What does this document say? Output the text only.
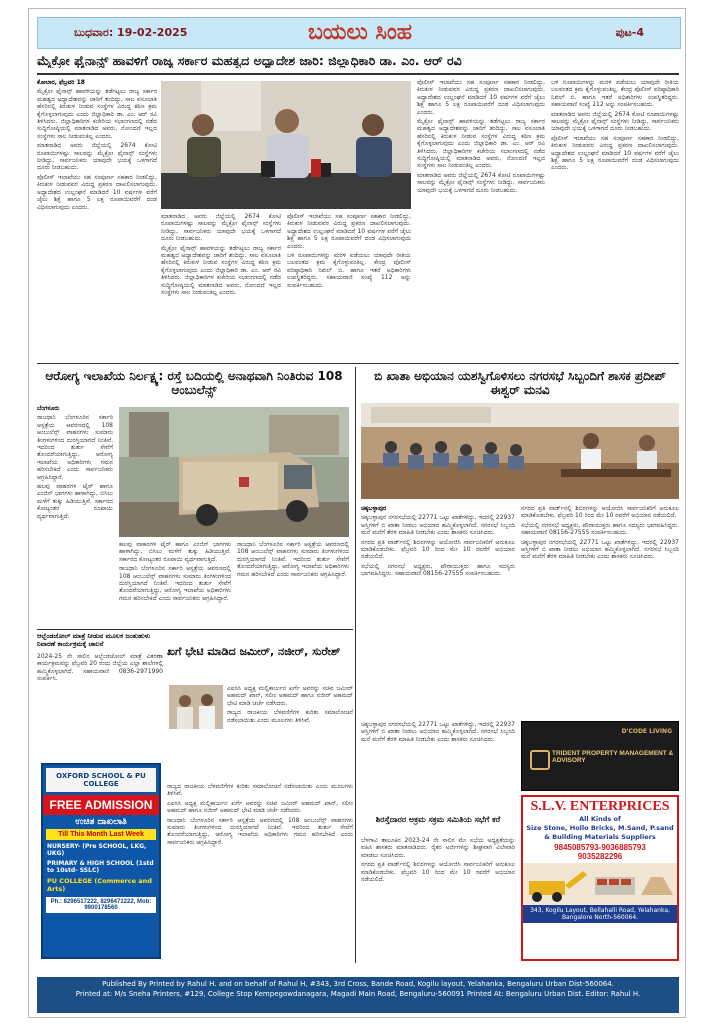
ಬುಧವಾರ: 19-02-2025	ಬಯಲು ಸಿಂಹ	ಪುಟ-4
ಮೈಕ್ರೋ ಫೈನಾನ್ಸ್ ಹಾವಳಿಗೆ ರಾಜ್ಯ ಸರ್ಕಾರ ಮಹತ್ವದ ಅಧ್ಯಾದೇಶ ಜಾರಿ: ಜಿಲ್ಲಾಧಿಕಾರಿ ಡಾ. ಎಂ. ಆರ್ ರವಿ

ಕೋಲಾರ, ಫೆಬ್ರವರಿ 18

ಮೈಕ್ರೋ ಫೈನಾನ್ಸ್ ಹಾವಳಿಯನ್ನು ತಡೆಗಟ್ಟಲು ರಾಜ್ಯ ಸರ್ಕಾರ ಮಹತ್ವದ ಅಧ್ಯಾದೇಶವನ್ನು ಜಾರಿಗೆ ತಂದಿದ್ದು, ಸಾಲ ವಸೂಲಾತಿ ಹೆಸರಿನಲ್ಲಿ ಕಿರುಕುಳ ನೀಡುವ ಸಂಸ್ಥೆಗಳ ವಿರುದ್ಧ ಕಠಿಣ ಕ್ರಮ ಕೈಗೊಳ್ಳಲಾಗುವುದು ಎಂದು ಜಿಲ್ಲಾಧಿಕಾರಿ ಡಾ. ಎಂ. ಆರ್ ರವಿ ತಿಳಿಸಿದರು. ಜಿಲ್ಲಾಧಿಕಾರಿಗಳ ಕಚೇರಿಯ ಸಭಾಂಗಣದಲ್ಲಿ ನಡೆದ ಸುದ್ದಿಗೋಷ್ಠಿಯಲ್ಲಿ ಮಾತನಾಡಿದ ಅವರು, ನೋಂದಣಿ ಇಲ್ಲದ ಸಂಸ್ಥೆಗಳು ಸಾಲ ನೀಡುವಂತಿಲ್ಲ ಎಂದರು.

ಮಾತನಾಡಿದ ಅವರು ಜಿಲ್ಲೆಯಲ್ಲಿ 2674 ಕೋಟಿ ರೂಪಾಯಿಗಳಷ್ಟು ಸಾಲವನ್ನು ಮೈಕ್ರೋ ಫೈನಾನ್ಸ್ ಸಂಸ್ಥೆಗಳು ನೀಡಿದ್ದು, ಸಾರ್ವಜನಿಕರು ಯಾವುದೇ ಭಯಕ್ಕೆ ಒಳಗಾಗದೆ ದೂರು ನೀಡಬಹುದು.

ಪೊಲೀಸ್ ಇಲಾಖೆಯು ಸಹ ಸಂಪೂರ್ಣ ಸಹಕಾರ ನೀಡಲಿದ್ದು, ಕಿರುಕುಳ ನೀಡುವವರ ವಿರುದ್ಧ ಪ್ರಕರಣ ದಾಖಲಿಸಲಾಗುವುದು. ಅಧ್ಯಾದೇಶದ ಉಲ್ಲಂಘನೆ ಮಾಡಿದರೆ 10 ವರ್ಷಗಳ ವರೆಗೆ ಜೈಲು ಶಿಕ್ಷೆ ಹಾಗೂ 5 ಲಕ್ಷ ರೂಪಾಯಿವರೆಗೆ ದಂಡ ವಿಧಿಸಲಾಗುವುದು ಎಂದರು.

ಮಾತನಾಡಿದ ಅವರು ಜಿಲ್ಲೆಯಲ್ಲಿ 2674 ಕೋಟಿ ರೂಪಾಯಿಗಳಷ್ಟು ಸಾಲವನ್ನು ಮೈಕ್ರೋ ಫೈನಾನ್ಸ್ ಸಂಸ್ಥೆಗಳು ನೀಡಿದ್ದು, ಸಾರ್ವಜನಿಕರು ಯಾವುದೇ ಭಯಕ್ಕೆ ಒಳಗಾಗದೆ ದೂರು ನೀಡಬಹುದು.

ಮೈಕ್ರೋ ಫೈನಾನ್ಸ್ ಹಾವಳಿಯನ್ನು ತಡೆಗಟ್ಟಲು ರಾಜ್ಯ ಸರ್ಕಾರ ಮಹತ್ವದ ಅಧ್ಯಾದೇಶವನ್ನು ಜಾರಿಗೆ ತಂದಿದ್ದು, ಸಾಲ ವಸೂಲಾತಿ ಹೆಸರಿನಲ್ಲಿ ಕಿರುಕುಳ ನೀಡುವ ಸಂಸ್ಥೆಗಳ ವಿರುದ್ಧ ಕಠಿಣ ಕ್ರಮ ಕೈಗೊಳ್ಳಲಾಗುವುದು ಎಂದು ಜಿಲ್ಲಾಧಿಕಾರಿ ಡಾ. ಎಂ. ಆರ್ ರವಿ ತಿಳಿಸಿದರು. ಜಿಲ್ಲಾಧಿಕಾರಿಗಳ ಕಚೇರಿಯ ಸಭಾಂಗಣದಲ್ಲಿ ನಡೆದ ಸುದ್ದಿಗೋಷ್ಠಿಯಲ್ಲಿ ಮಾತನಾಡಿದ ಅವರು, ನೋಂದಣಿ ಇಲ್ಲದ ಸಂಸ್ಥೆಗಳು ಸಾಲ ನೀಡುವಂತಿಲ್ಲ ಎಂದರು.

ಪೊಲೀಸ್ ಇಲಾಖೆಯು ಸಹ ಸಂಪೂರ್ಣ ಸಹಕಾರ ನೀಡಲಿದ್ದು, ಕಿರುಕುಳ ನೀಡುವವರ ವಿರುದ್ಧ ಪ್ರಕರಣ ದಾಖಲಿಸಲಾಗುವುದು. ಅಧ್ಯಾದೇಶದ ಉಲ್ಲಂಘನೆ ಮಾಡಿದರೆ 10 ವರ್ಷಗಳ ವರೆಗೆ ಜೈಲು ಶಿಕ್ಷೆ ಹಾಗೂ 5 ಲಕ್ಷ ರೂಪಾಯಿವರೆಗೆ ದಂಡ ವಿಧಿಸಲಾಗುವುದು ಎಂದರು.

ಬಳಿ ರೂಪಾಯಿಗಳನ್ನು ಮರಳಿ ಪಡೆಯಲು ಯಾವುದೇ ರೀತಿಯ ಬಲವಂತದ ಕ್ರಮ ಕೈಗೊಳ್ಳುವಂತಿಲ್ಲ. ಕೇಂದ್ರ ಪೊಲೀಸ್ ವರಿಷ್ಠಾಧಿಕಾರಿ ನಿಖಿಲ್ ಬಿ. ಹಾಗೂ ಇತರೆ ಅಧಿಕಾರಿಗಳು ಉಪಸ್ಥಿತರಿದ್ದರು. ಸಹಾಯವಾಣಿ ಸಂಖ್ಯೆ 112 ಅನ್ನು ಸಂಪರ್ಕಿಸಬಹುದು.

ಪೊಲೀಸ್ ಇಲಾಖೆಯು ಸಹ ಸಂಪೂರ್ಣ ಸಹಕಾರ ನೀಡಲಿದ್ದು, ಕಿರುಕುಳ ನೀಡುವವರ ವಿರುದ್ಧ ಪ್ರಕರಣ ದಾಖಲಿಸಲಾಗುವುದು. ಅಧ್ಯಾದೇಶದ ಉಲ್ಲಂಘನೆ ಮಾಡಿದರೆ 10 ವರ್ಷಗಳ ವರೆಗೆ ಜೈಲು ಶಿಕ್ಷೆ ಹಾಗೂ 5 ಲಕ್ಷ ರೂಪಾಯಿವರೆಗೆ ದಂಡ ವಿಧಿಸಲಾಗುವುದು ಎಂದರು.

ಮೈಕ್ರೋ ಫೈನಾನ್ಸ್ ಹಾವಳಿಯನ್ನು ತಡೆಗಟ್ಟಲು ರಾಜ್ಯ ಸರ್ಕಾರ ಮಹತ್ವದ ಅಧ್ಯಾದೇಶವನ್ನು ಜಾರಿಗೆ ತಂದಿದ್ದು, ಸಾಲ ವಸೂಲಾತಿ ಹೆಸರಿನಲ್ಲಿ ಕಿರುಕುಳ ನೀಡುವ ಸಂಸ್ಥೆಗಳ ವಿರುದ್ಧ ಕಠಿಣ ಕ್ರಮ ಕೈಗೊಳ್ಳಲಾಗುವುದು ಎಂದು ಜಿಲ್ಲಾಧಿಕಾರಿ ಡಾ. ಎಂ. ಆರ್ ರವಿ ತಿಳಿಸಿದರು. ಜಿಲ್ಲಾಧಿಕಾರಿಗಳ ಕಚೇರಿಯ ಸಭಾಂಗಣದಲ್ಲಿ ನಡೆದ ಸುದ್ದಿಗೋಷ್ಠಿಯಲ್ಲಿ ಮಾತನಾಡಿದ ಅವರು, ನೋಂದಣಿ ಇಲ್ಲದ ಸಂಸ್ಥೆಗಳು ಸಾಲ ನೀಡುವಂತಿಲ್ಲ ಎಂದರು.

ಮಾತನಾಡಿದ ಅವರು ಜಿಲ್ಲೆಯಲ್ಲಿ 2674 ಕೋಟಿ ರೂಪಾಯಿಗಳಷ್ಟು ಸಾಲವನ್ನು ಮೈಕ್ರೋ ಫೈನಾನ್ಸ್ ಸಂಸ್ಥೆಗಳು ನೀಡಿದ್ದು, ಸಾರ್ವಜನಿಕರು ಯಾವುದೇ ಭಯಕ್ಕೆ ಒಳಗಾಗದೆ ದೂರು ನೀಡಬಹುದು.

ಬಳಿ ರೂಪಾಯಿಗಳನ್ನು ಮರಳಿ ಪಡೆಯಲು ಯಾವುದೇ ರೀತಿಯ ಬಲವಂತದ ಕ್ರಮ ಕೈಗೊಳ್ಳುವಂತಿಲ್ಲ. ಕೇಂದ್ರ ಪೊಲೀಸ್ ವರಿಷ್ಠಾಧಿಕಾರಿ ನಿಖಿಲ್ ಬಿ. ಹಾಗೂ ಇತರೆ ಅಧಿಕಾರಿಗಳು ಉಪಸ್ಥಿತರಿದ್ದರು. ಸಹಾಯವಾಣಿ ಸಂಖ್ಯೆ 112 ಅನ್ನು ಸಂಪರ್ಕಿಸಬಹುದು.

ಮಾತನಾಡಿದ ಅವರು ಜಿಲ್ಲೆಯಲ್ಲಿ 2674 ಕೋಟಿ ರೂಪಾಯಿಗಳಷ್ಟು ಸಾಲವನ್ನು ಮೈಕ್ರೋ ಫೈನಾನ್ಸ್ ಸಂಸ್ಥೆಗಳು ನೀಡಿದ್ದು, ಸಾರ್ವಜನಿಕರು ಯಾವುದೇ ಭಯಕ್ಕೆ ಒಳಗಾಗದೆ ದೂರು ನೀಡಬಹುದು.

ಪೊಲೀಸ್ ಇಲಾಖೆಯು ಸಹ ಸಂಪೂರ್ಣ ಸಹಕಾರ ನೀಡಲಿದ್ದು, ಕಿರುಕುಳ ನೀಡುವವರ ವಿರುದ್ಧ ಪ್ರಕರಣ ದಾಖಲಿಸಲಾಗುವುದು. ಅಧ್ಯಾದೇಶದ ಉಲ್ಲಂಘನೆ ಮಾಡಿದರೆ 10 ವರ್ಷಗಳ ವರೆಗೆ ಜೈಲು ಶಿಕ್ಷೆ ಹಾಗೂ 5 ಲಕ್ಷ ರೂಪಾಯಿವರೆಗೆ ದಂಡ ವಿಧಿಸಲಾಗುವುದು ಎಂದರು.

ಆರೋಗ್ಯ ಇಲಾಖೆಯ ನಿರ್ಲಕ್ಷ್ಯ: ರಸ್ತೆ ಬದಿಯಲ್ಲಿ ಅನಾಥವಾಗಿ ನಿಂತಿರುವ 108 ಆಂಬುಲೆನ್ಸ್
ಬಿ ಖಾತಾ ಅಭಿಯಾನ ಯಶಸ್ವಿಗೊಳಿಸಲು ನಗರಸಭೆ ಸಿಬ್ಬಂದಿಗೆ ಶಾಸಕ ಪ್ರದೀಪ್ ಈಶ್ವರ್ ಮನವಿ

ಬೆಂಗಳೂರು

ರಾಜಧಾನಿ ಬೆಂಗಳೂರಿನ ಸರ್ಕಾರಿ ಆಸ್ಪತ್ರೆಯ ಆವರಣದಲ್ಲಿ 108 ಆಂಬುಲೆನ್ಸ್ ವಾಹನಗಳು ಸುಮಾರು ತಿಂಗಳುಗಳಿಂದ ದುರಸ್ತಿಯಾಗದೆ ನಿಂತಿವೆ. ಇದರಿಂದ ತುರ್ತು ಸೇವೆಗೆ ತೊಂದರೆಯಾಗುತ್ತಿದ್ದು, ಆರೋಗ್ಯ ಇಲಾಖೆಯ ಅಧಿಕಾರಿಗಳು ಗಮನ ಹರಿಸಬೇಕಿದೆ ಎಂದು ಸಾರ್ವಜನಿಕರು ಆಗ್ರಹಿಸಿದ್ದಾರೆ.

ಹಲವು ವಾಹನಗಳ ಟೈರ್ ಹಾಗೂ ಎಂಜಿನ್ ಭಾಗಗಳು ಹಾಳಾಗಿದ್ದು, ಬಿಸಿಲು ಮಳೆಗೆ ತುಕ್ಕು ಹಿಡಿಯುತ್ತಿವೆ. ಸರ್ಕಾರದ ಕೋಟ್ಯಂತರ ರೂಪಾಯಿ ವ್ಯರ್ಥವಾಗುತ್ತಿದೆ.

ಹಲವು ವಾಹನಗಳ ಟೈರ್ ಹಾಗೂ ಎಂಜಿನ್ ಭಾಗಗಳು ಹಾಳಾಗಿದ್ದು, ಬಿಸಿಲು ಮಳೆಗೆ ತುಕ್ಕು ಹಿಡಿಯುತ್ತಿವೆ. ಸರ್ಕಾರದ ಕೋಟ್ಯಂತರ ರೂಪಾಯಿ ವ್ಯರ್ಥವಾಗುತ್ತಿದೆ.

ರಾಜಧಾನಿ ಬೆಂಗಳೂರಿನ ಸರ್ಕಾರಿ ಆಸ್ಪತ್ರೆಯ ಆವರಣದಲ್ಲಿ 108 ಆಂಬುಲೆನ್ಸ್ ವಾಹನಗಳು ಸುಮಾರು ತಿಂಗಳುಗಳಿಂದ ದುರಸ್ತಿಯಾಗದೆ ನಿಂತಿವೆ. ಇದರಿಂದ ತುರ್ತು ಸೇವೆಗೆ ತೊಂದರೆಯಾಗುತ್ತಿದ್ದು, ಆರೋಗ್ಯ ಇಲಾಖೆಯ ಅಧಿಕಾರಿಗಳು ಗಮನ ಹರಿಸಬೇಕಿದೆ ಎಂದು ಸಾರ್ವಜನಿಕರು ಆಗ್ರಹಿಸಿದ್ದಾರೆ.

ರಾಜಧಾನಿ ಬೆಂಗಳೂರಿನ ಸರ್ಕಾರಿ ಆಸ್ಪತ್ರೆಯ ಆವರಣದಲ್ಲಿ 108 ಆಂಬುಲೆನ್ಸ್ ವಾಹನಗಳು ಸುಮಾರು ತಿಂಗಳುಗಳಿಂದ ದುರಸ್ತಿಯಾಗದೆ ನಿಂತಿವೆ. ಇದರಿಂದ ತುರ್ತು ಸೇವೆಗೆ ತೊಂದರೆಯಾಗುತ್ತಿದ್ದು, ಆರೋಗ್ಯ ಇಲಾಖೆಯ ಅಧಿಕಾರಿಗಳು ಗಮನ ಹರಿಸಬೇಕಿದೆ ಎಂದು ಸಾರ್ವಜನಿಕರು ಆಗ್ರಹಿಸಿದ್ದಾರೆ.

ಆಲ್ಬೆಂಡಜೋಲ್ ಮಾತ್ರೆ ನೀಡುವ ಮೂಲಕ ಜಂತುಹುಳು ನಿವಾರಣೆ ಕಾರ್ಯಕ್ರಮಕ್ಕೆ ಚಾಲನೆ

2024-25 ನೇ ಸಾಲಿನ ಆಲ್ಬೆಂಡಜೋಲ್ ಮಾತ್ರೆ ವಿತರಣಾ ಕಾರ್ಯಕ್ರಮವನ್ನು ಫೆಬ್ರವರಿ 20 ರಂದು ಜಿಲ್ಲೆಯ ಎಲ್ಲಾ ಶಾಲೆಗಳಲ್ಲಿ ಹಮ್ಮಿಕೊಳ್ಳಲಾಗಿದೆ. ಸಹಾಯವಾಣಿ 0836-2971990 ಸಂಪರ್ಕಿಸಿ.

ಖಗೆ ಭೇಟಿ ಮಾಡಿದ ಜಮೀರ್, ನಜೀರ್, ಸುರೇಶ್

ಎಐಸಿಸಿ ಅಧ್ಯಕ್ಷ ಮಲ್ಲಿಕಾರ್ಜುನ ಖರ್ಗೆ ಅವರನ್ನು ಸಚಿವ ಜಮೀರ್ ಅಹಮದ್ ಖಾನ್, ಸಲೀಂ ಅಹಮದ್ ಹಾಗೂ ನಜೀರ್ ಅಹಮದ್ ಭೇಟಿ ಮಾಡಿ ಚರ್ಚೆ ನಡೆಸಿದರು.

ರಾಜ್ಯದ ರಾಜಕೀಯ ಬೆಳವಣಿಗೆಗಳ ಕುರಿತು ಸಮಾಲೋಚನೆ ನಡೆಸಲಾಯಿತು ಎಂದು ಮೂಲಗಳು ತಿಳಿಸಿವೆ.

ರಾಜ್ಯದ ರಾಜಕೀಯ ಬೆಳವಣಿಗೆಗಳ ಕುರಿತು ಸಮಾಲೋಚನೆ ನಡೆಸಲಾಯಿತು ಎಂದು ಮೂಲಗಳು ತಿಳಿಸಿವೆ.

ಎಐಸಿಸಿ ಅಧ್ಯಕ್ಷ ಮಲ್ಲಿಕಾರ್ಜುನ ಖರ್ಗೆ ಅವರನ್ನು ಸಚಿವ ಜಮೀರ್ ಅಹಮದ್ ಖಾನ್, ಸಲೀಂ ಅಹಮದ್ ಹಾಗೂ ನಜೀರ್ ಅಹಮದ್ ಭೇಟಿ ಮಾಡಿ ಚರ್ಚೆ ನಡೆಸಿದರು.

ರಾಜಧಾನಿ ಬೆಂಗಳೂರಿನ ಸರ್ಕಾರಿ ಆಸ್ಪತ್ರೆಯ ಆವರಣದಲ್ಲಿ 108 ಆಂಬುಲೆನ್ಸ್ ವಾಹನಗಳು ಸುಮಾರು ತಿಂಗಳುಗಳಿಂದ ದುರಸ್ತಿಯಾಗದೆ ನಿಂತಿವೆ. ಇದರಿಂದ ತುರ್ತು ಸೇವೆಗೆ ತೊಂದರೆಯಾಗುತ್ತಿದ್ದು, ಆರೋಗ್ಯ ಇಲಾಖೆಯ ಅಧಿಕಾರಿಗಳು ಗಮನ ಹರಿಸಬೇಕಿದೆ ಎಂದು ಸಾರ್ವಜನಿಕರು ಆಗ್ರಹಿಸಿದ್ದಾರೆ.

OXFORD SCHOOL & PU COLLEGE
FREE ADMISSION
ಉಚಿತ ದಾಖಲಾತಿ
Till This Month Last Week
NURSERY- (Pre SCHOOL, LKG, UKG)
PRIMARY & HIGH SCHOOL (1std to 10std- SSLC)
PU COLLEGE (Commerce and Arts)
Ph.: 8296517222, 8296471222, Mob: 9900178560

ಚಿಕ್ಕಬಳ್ಳಾಪುರ

ಚಿಕ್ಕಬಳ್ಳಾಪುರ ನಗರಸಭೆಯಲ್ಲಿ 22771 ಒಟ್ಟು ಖಾತೆಗಳಿದ್ದು, ಇದರಲ್ಲಿ 22937 ಆಸ್ತಿಗಳಿಗೆ ಬಿ ಖಾತಾ ನೀಡಲು ಅಭಿಯಾನ ಹಮ್ಮಿಕೊಳ್ಳಲಾಗಿದೆ. ನಗರಸಭೆ ಸಿಬ್ಬಂದಿ ಮನೆ ಮನೆಗೆ ತೆರಳಿ ಮಾಹಿತಿ ನೀಡಬೇಕು ಎಂದು ಶಾಸಕರು ಸೂಚಿಸಿದರು.

ನಗರದ ಪ್ರತಿ ವಾರ್ಡ್‌ನಲ್ಲಿ ಶಿಬಿರಗಳನ್ನು ಆಯೋಜಿಸಿ ಸಾರ್ವಜನಿಕರಿಗೆ ಅನುಕೂಲ ಮಾಡಿಕೊಡಬೇಕು. ಫೆಬ್ರವರಿ 10 ರಿಂದ ಮೇ 10 ರವರೆಗೆ ಅಭಿಯಾನ ನಡೆಯಲಿದೆ.

ಸಭೆಯಲ್ಲಿ ನಗರಸಭೆ ಅಧ್ಯಕ್ಷರು, ಪೌರಾಯುಕ್ತರು ಹಾಗೂ ಸದಸ್ಯರು ಭಾಗವಹಿಸಿದ್ದರು. ಸಹಾಯವಾಣಿ 08156-27555 ಸಂಪರ್ಕಿಸಬಹುದು.

ನಗರದ ಪ್ರತಿ ವಾರ್ಡ್‌ನಲ್ಲಿ ಶಿಬಿರಗಳನ್ನು ಆಯೋಜಿಸಿ ಸಾರ್ವಜನಿಕರಿಗೆ ಅನುಕೂಲ ಮಾಡಿಕೊಡಬೇಕು. ಫೆಬ್ರವರಿ 10 ರಿಂದ ಮೇ 10 ರವರೆಗೆ ಅಭಿಯಾನ ನಡೆಯಲಿದೆ.

ಸಭೆಯಲ್ಲಿ ನಗರಸಭೆ ಅಧ್ಯಕ್ಷರು, ಪೌರಾಯುಕ್ತರು ಹಾಗೂ ಸದಸ್ಯರು ಭಾಗವಹಿಸಿದ್ದರು. ಸಹಾಯವಾಣಿ 08156-27555 ಸಂಪರ್ಕಿಸಬಹುದು.

ಚಿಕ್ಕಬಳ್ಳಾಪುರ ನಗರಸಭೆಯಲ್ಲಿ 22771 ಒಟ್ಟು ಖಾತೆಗಳಿದ್ದು, ಇದರಲ್ಲಿ 22937 ಆಸ್ತಿಗಳಿಗೆ ಬಿ ಖಾತಾ ನೀಡಲು ಅಭಿಯಾನ ಹಮ್ಮಿಕೊಳ್ಳಲಾಗಿದೆ. ನಗರಸಭೆ ಸಿಬ್ಬಂದಿ ಮನೆ ಮನೆಗೆ ತೆರಳಿ ಮಾಹಿತಿ ನೀಡಬೇಕು ಎಂದು ಶಾಸಕರು ಸೂಚಿಸಿದರು.

ಚಿಕ್ಕಬಳ್ಳಾಪುರ ನಗರಸಭೆಯಲ್ಲಿ 22771 ಒಟ್ಟು ಖಾತೆಗಳಿದ್ದು, ಇದರಲ್ಲಿ 22937 ಆಸ್ತಿಗಳಿಗೆ ಬಿ ಖಾತಾ ನೀಡಲು ಅಭಿಯಾನ ಹಮ್ಮಿಕೊಳ್ಳಲಾಗಿದೆ. ನಗರಸಭೆ ಸಿಬ್ಬಂದಿ ಮನೆ ಮನೆಗೆ ತೆರಳಿ ಮಾಹಿತಿ ನೀಡಬೇಕು ಎಂದು ಶಾಸಕರು ಸೂಚಿಸಿದರು.

ಶಿರಸ್ತೆದಾರರ ಅಕ್ರಮ ಸಕ್ರಮ ಸಮಿತಿಯ ಸಭೆಗೆ ಕರೆ

ಬೆಳಗಾವಿ ತಾಲೂಕಿನ 2023-24 ನೇ ಸಾಲಿನ ಮೇ ಸಭೆಯ ಅಧ್ಯಕ್ಷತೆಯನ್ನು ವಹಿಸಿ ಶಾಸಕರು ಮಾತನಾಡಿದರು. ರೈತರ ಅರ್ಜಿಗಳನ್ನು ಶೀಘ್ರವಾಗಿ ವಿಲೇವಾರಿ ಮಾಡಲು ಸೂಚಿಸಿದರು.

ನಗರದ ಪ್ರತಿ ವಾರ್ಡ್‌ನಲ್ಲಿ ಶಿಬಿರಗಳನ್ನು ಆಯೋಜಿಸಿ ಸಾರ್ವಜನಿಕರಿಗೆ ಅನುಕೂಲ ಮಾಡಿಕೊಡಬೇಕು. ಫೆಬ್ರವರಿ 10 ರಿಂದ ಮೇ 10 ರವರೆಗೆ ಅಭಿಯಾನ ನಡೆಯಲಿದೆ.

D'CODE LIVING
TRIDENT PROPERTY MANAGEMENT & ADVISORY
S.L.V. ENTERPRICES
All Kinds of
Size Stone, Hollo Bricks, M.Sand, P.sand
& Building Materials Suppliers
9845085793-9036885793
9035282296
343, Kogilu Layout, Bellahalli Road, Yelahanka, Bangalore North-560064.
Published By Printed by Rahul H. and on behalf of Rahul H, #343, 3rd Cross, Bande Road, Kogilu layout, Yelahanka, Bengaluru Urban Dist-560064.
Printed at: M/s Sneha Printers, #129, College Stop Kempegowdanagara, Magadi Main Road, Bengaluru-560091 Printed At: Bengaluru Urban Dist. Editor: Rahul H.
